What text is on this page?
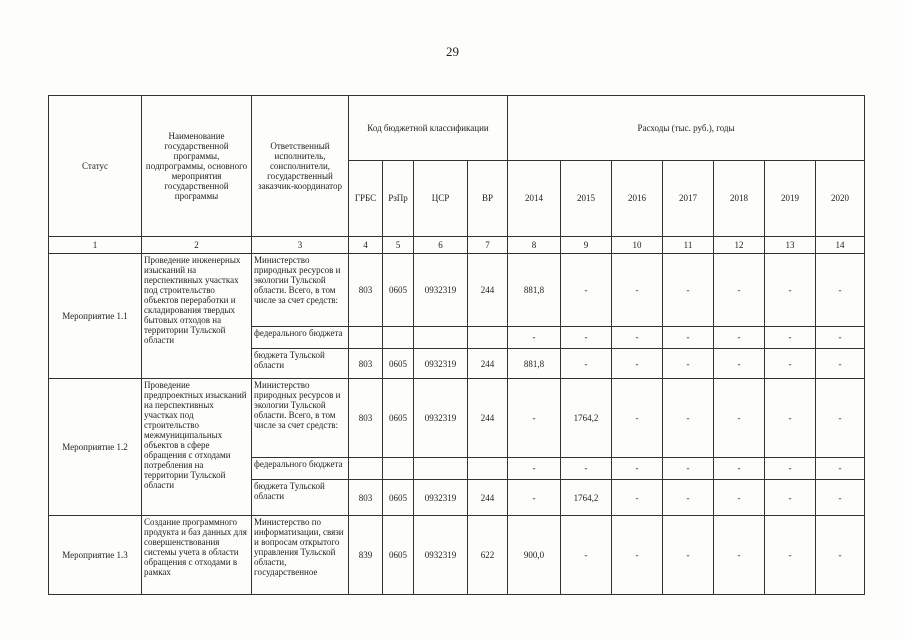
29
Статус	Наименование государственной программы, подпрограммы, основного мероприятия государственной программы	Ответственный исполнитель, соисполнители, государственный заказчик-координатор	Код бюджетной классификации				Расходы (тыс. руб.), годы						
			ГРБС	РзПр	ЦСР	ВР	2014	2015	2016	2017	2018	2019	2020
1	2	3	4	5	6	7	8	9	10	11	12	13	14
Мероприятие 1.1	Проведение инженерных изысканий на перспективных участках под строительство объектов переработки и складирования твердых бытовых отходов на территории Тульской области	Министерство природных ресурсов и экологии Тульской области. Всего, в том числе за счет средств:	803	0605	0932319	244	881,8	-	-	-	-	-	-
		федерального бюджета					-	-	-	-	-	-	-
		бюджета Тульской области	803	0605	0932319	244	881,8	-	-	-	-	-	-
Мероприятие 1.2	Проведение предпроектных изысканий на перспективных участках под строительство межмуниципальных объектов в сфере обращения с отходами потребления на территории Тульской области	Министерство природных ресурсов и экологии Тульской области. Всего, в том числе за счет средств:	803	0605	0932319	244	-	1764,2	-	-	-	-	-
		федерального бюджета					-	-	-	-	-	-	-
		бюджета Тульской области	803	0605	0932319	244	-	1764,2	-	-	-	-	-
Мероприятие 1.3	Создание программного продукта и баз данных для совершенствования системы учета в области обращения с отходами в рамках	Министерство по информатизации, связи и вопросам открытого управления Тульской области, государственное	839	0605	0932319	622	900,0	-	-	-	-	-	-
